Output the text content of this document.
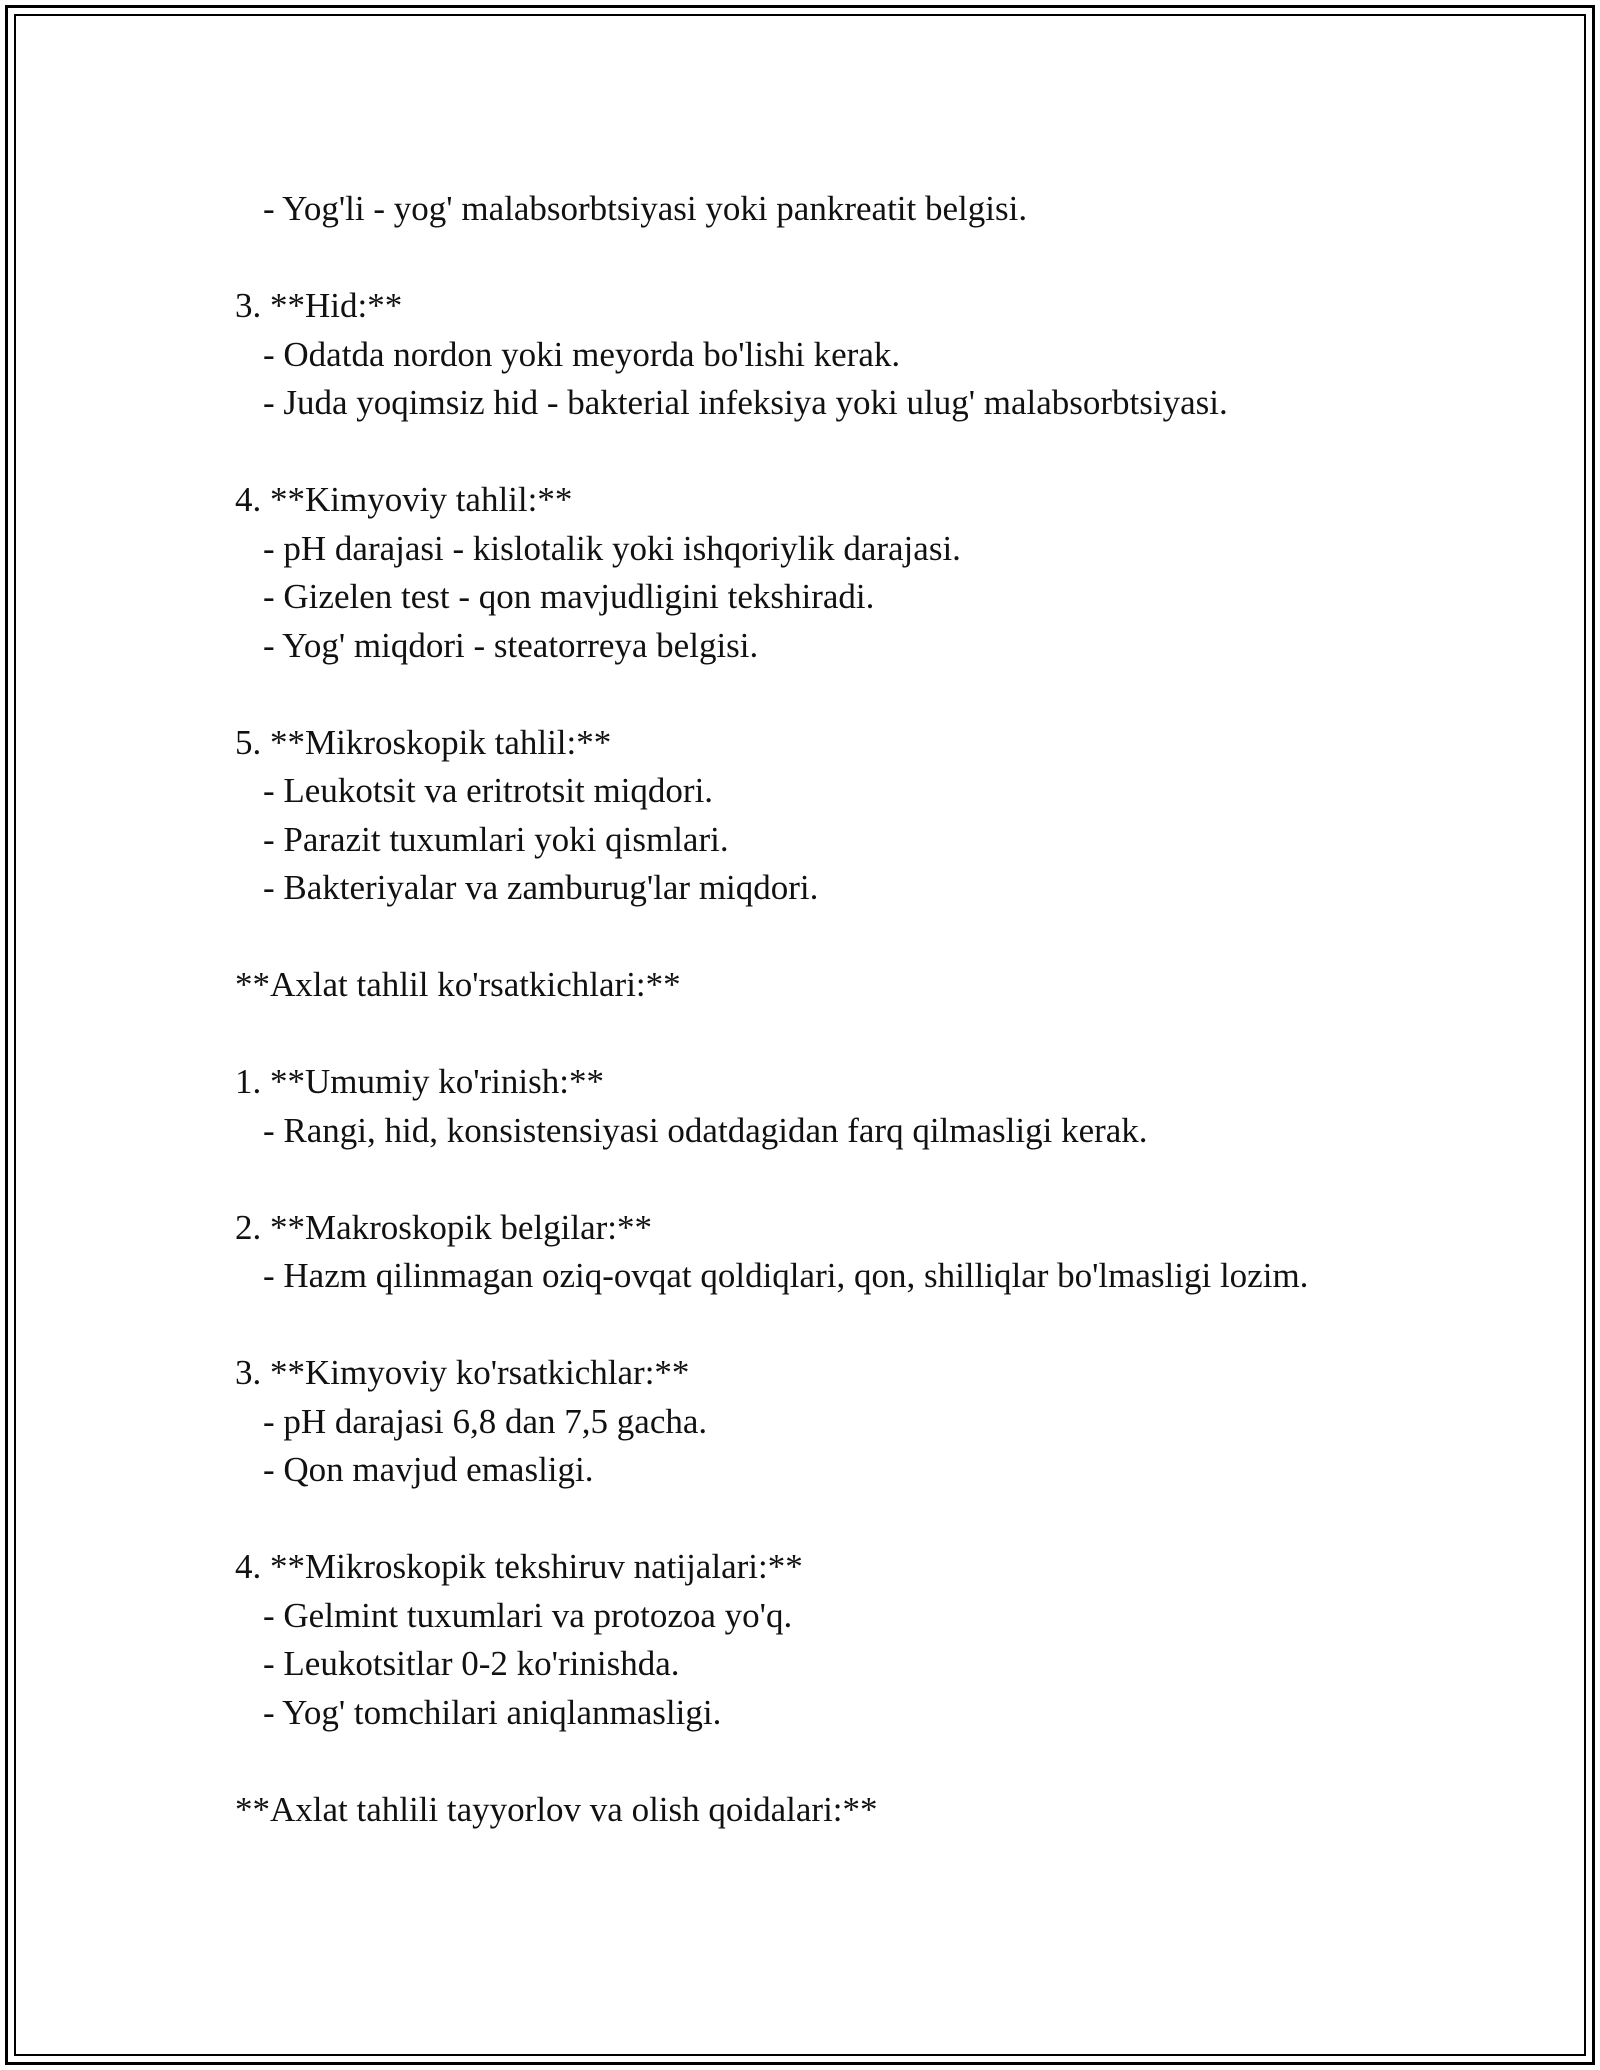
- Yog'li - yog' malabsorbtsiyasi yoki pankreatit belgisi.
3. **Hid:**
- Odatda nordon yoki meyorda bo'lishi kerak.
- Juda yoqimsiz hid - bakterial infeksiya yoki ulug' malabsorbtsiyasi.
4. **Kimyoviy tahlil:**
- pH darajasi - kislotalik yoki ishqoriylik darajasi.
- Gizelen test - qon mavjudligini tekshiradi.
- Yog' miqdori - steatorreya belgisi.
5. **Mikroskopik tahlil:**
- Leukotsit va eritrotsit miqdori.
- Parazit tuxumlari yoki qismlari.
- Bakteriyalar va zamburug'lar miqdori.
**Axlat tahlil ko'rsatkichlari:**
1. **Umumiy ko'rinish:**
- Rangi, hid, konsistensiyasi odatdagidan farq qilmasligi kerak.
2. **Makroskopik belgilar:**
- Hazm qilinmagan oziq-ovqat qoldiqlari, qon, shilliqlar bo'lmasligi lozim.
3. **Kimyoviy ko'rsatkichlar:**
- pH darajasi 6,8 dan 7,5 gacha.
- Qon mavjud emasligi.
4. **Mikroskopik tekshiruv natijalari:**
- Gelmint tuxumlari va protozoa yo'q.
- Leukotsitlar 0-2 ko'rinishda.
- Yog' tomchilari aniqlanmasligi.
**Axlat tahlili tayyorlov va olish qoidalari:**
